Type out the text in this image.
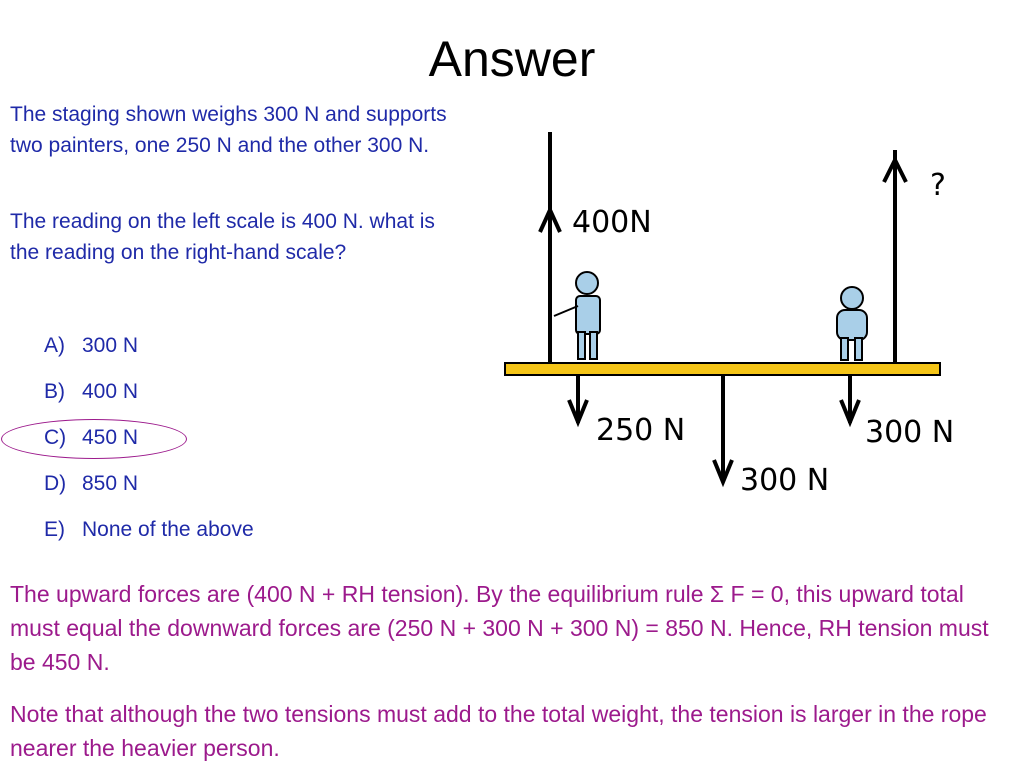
Answer

The staging shown weighs 300 N and supports two painters, one 250 N and the other 300 N.

The reading on the left scale is 400 N. what is the reading on the right-hand scale?

A) 300 N
B) 400 N
C) 450 N
D) 850 N
E) None of the above

The upward forces are (400 N + RH tension). By the equilibrium rule Σ F = 0, this upward total must equal the downward forces are (250 N + 300 N + 300 N) = 850 N. Hence, RH tension must be 450 N.

Note that although the two tensions must add to the total weight, the tension is larger in the rope nearer the heavier person.

400N
?
250 N
300 N
300 N
